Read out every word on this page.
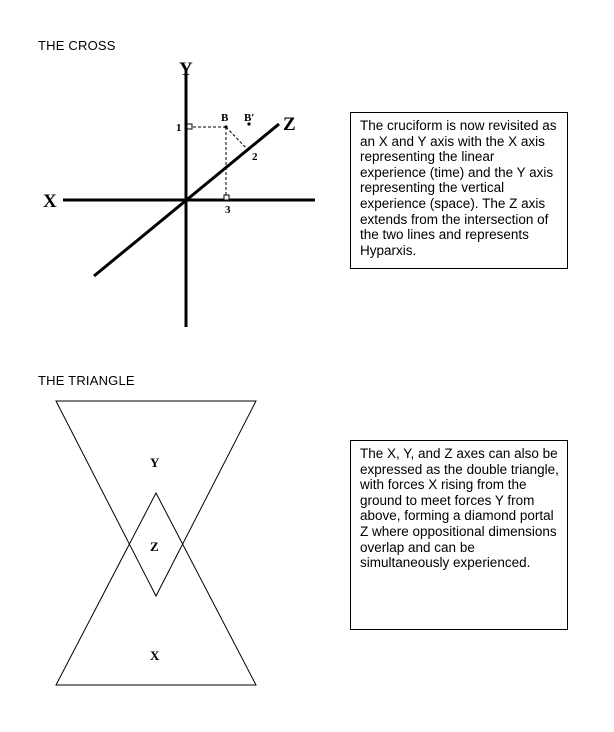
THE CROSS
Y
X
Z
B B′
1
2
3
Y
Z
X
The cruciform is now revisited as an X and Y axis with the X axis representing the linear experience (time) and the Y axis representing the vertical experience (space). The Z axis extends from the intersection of the two lines and represents Hyparxis.
THE TRIANGLE
The X, Y, and Z axes can also be expressed as the double triangle, with forces X rising from the ground to meet forces Y from above, forming a diamond portal Z where oppositional dimensions overlap and can be simultaneously experienced.
